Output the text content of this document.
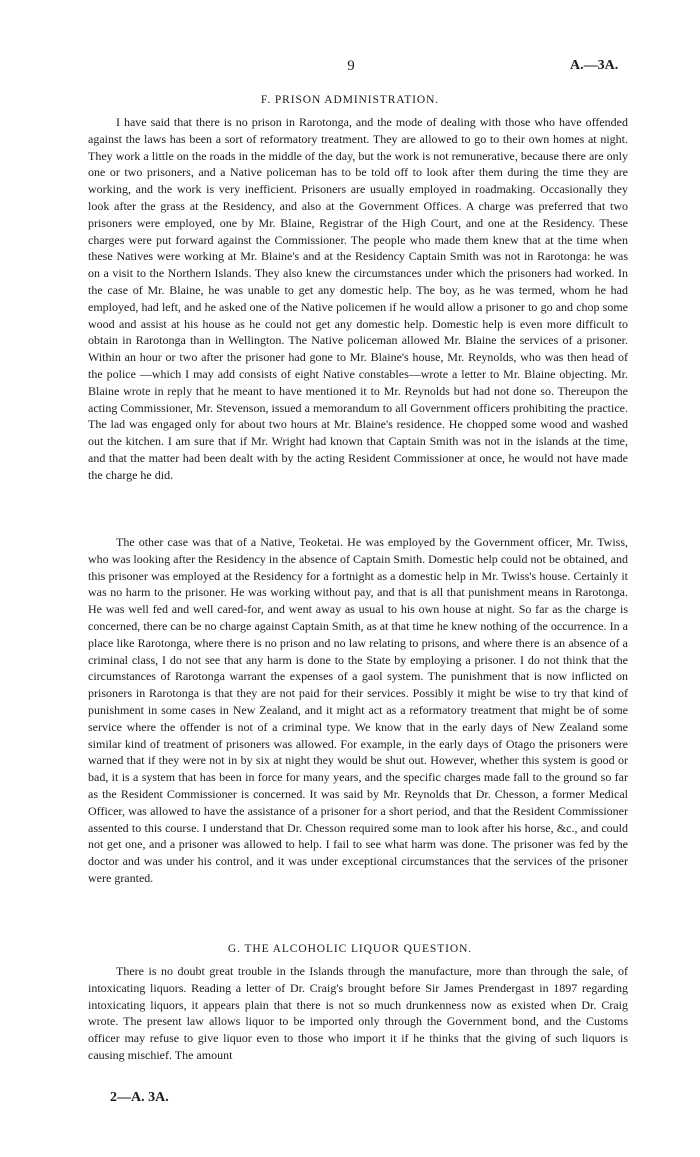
9	A.—3A.
F. PRISON ADMINISTRATION.

I have said that there is no prison in Rarotonga, and the mode of dealing with those who have offended against the laws has been a sort of reformatory treatment. They are allowed to go to their own homes at night. They work a little on the roads in the middle of the day, but the work is not remunerative, because there are only one or two prisoners, and a Native policeman has to be told off to look after them during the time they are working, and the work is very inefficient. Prisoners are usually employed in roadmaking. Occasionally they look after the grass at the Residency, and also at the Government Offices. A charge was preferred that two prisoners were employed, one by Mr. Blaine, Registrar of the High Court, and one at the Residency. These charges were put forward against the Commissioner. The people who made them knew that at the time when these Natives were working at Mr. Blaine's and at the Residency Captain Smith was not in Rarotonga: he was on a visit to the Northern Islands. They also knew the circumstances under which the prisoners had worked. In the case of Mr. Blaine, he was unable to get any domestic help. The boy, as he was termed, whom he had employed, had left, and he asked one of the Native policemen if he would allow a prisoner to go and chop some wood and assist at his house as he could not get any domestic help. Domestic help is even more difficult to obtain in Rarotonga than in Wellington. The Native policeman allowed Mr. Blaine the services of a prisoner. Within an hour or two after the prisoner had gone to Mr. Blaine's house, Mr. Reynolds, who was then head of the police —which I may add consists of eight Native constables—wrote a letter to Mr. Blaine objecting. Mr. Blaine wrote in reply that he meant to have mentioned it to Mr. Reynolds but had not done so. Thereupon the acting Commissioner, Mr. Stevenson, issued a memorandum to all Government officers prohibiting the practice. The lad was engaged only for about two hours at Mr. Blaine's residence. He chopped some wood and washed out the kitchen. I am sure that if Mr. Wright had known that Captain Smith was not in the islands at the time, and that the matter had been dealt with by the acting Resident Commissioner at once, he would not have made the charge he did.

The other case was that of a Native, Teoketai. He was employed by the Government officer, Mr. Twiss, who was looking after the Residency in the absence of Captain Smith. Domestic help could not be obtained, and this prisoner was employed at the Residency for a fortnight as a domestic help in Mr. Twiss's house. Certainly it was no harm to the prisoner. He was working without pay, and that is all that punishment means in Rarotonga. He was well fed and well cared-for, and went away as usual to his own house at night. So far as the charge is concerned, there can be no charge against Captain Smith, as at that time he knew nothing of the occurrence. In a place like Rarotonga, where there is no prison and no law relating to prisons, and where there is an absence of a criminal class, I do not see that any harm is done to the State by employing a prisoner. I do not think that the circumstances of Rarotonga warrant the expenses of a gaol system. The punishment that is now inflicted on prisoners in Rarotonga is that they are not paid for their services. Possibly it might be wise to try that kind of punishment in some cases in New Zealand, and it might act as a reformatory treatment that might be of some service where the offender is not of a criminal type. We know that in the early days of New Zealand some similar kind of treatment of prisoners was allowed. For example, in the early days of Otago the prisoners were warned that if they were not in by six at night they would be shut out. However, whether this system is good or bad, it is a system that has been in force for many years, and the specific charges made fall to the ground so far as the Resident Commissioner is concerned. It was said by Mr. Reynolds that Dr. Chesson, a former Medical Officer, was allowed to have the assistance of a prisoner for a short period, and that the Resident Commissioner assented to this course. I understand that Dr. Chesson required some man to look after his horse, &c., and could not get one, and a prisoner was allowed to help. I fail to see what harm was done. The prisoner was fed by the doctor and was under his control, and it was under exceptional circumstances that the services of the prisoner were granted.

G. THE ALCOHOLIC LIQUOR QUESTION.

There is no doubt great trouble in the Islands through the manufacture, more than through the sale, of intoxicating liquors. Reading a letter of Dr. Craig's brought before Sir James Prendergast in 1897 regarding intoxicating liquors, it appears plain that there is not so much drunkenness now as existed when Dr. Craig wrote. The present law allows liquor to be imported only through the Government bond, and the Customs officer may refuse to give liquor even to those who import it if he thinks that the giving of such liquors is causing mischief. The amount

2—A. 3A.
